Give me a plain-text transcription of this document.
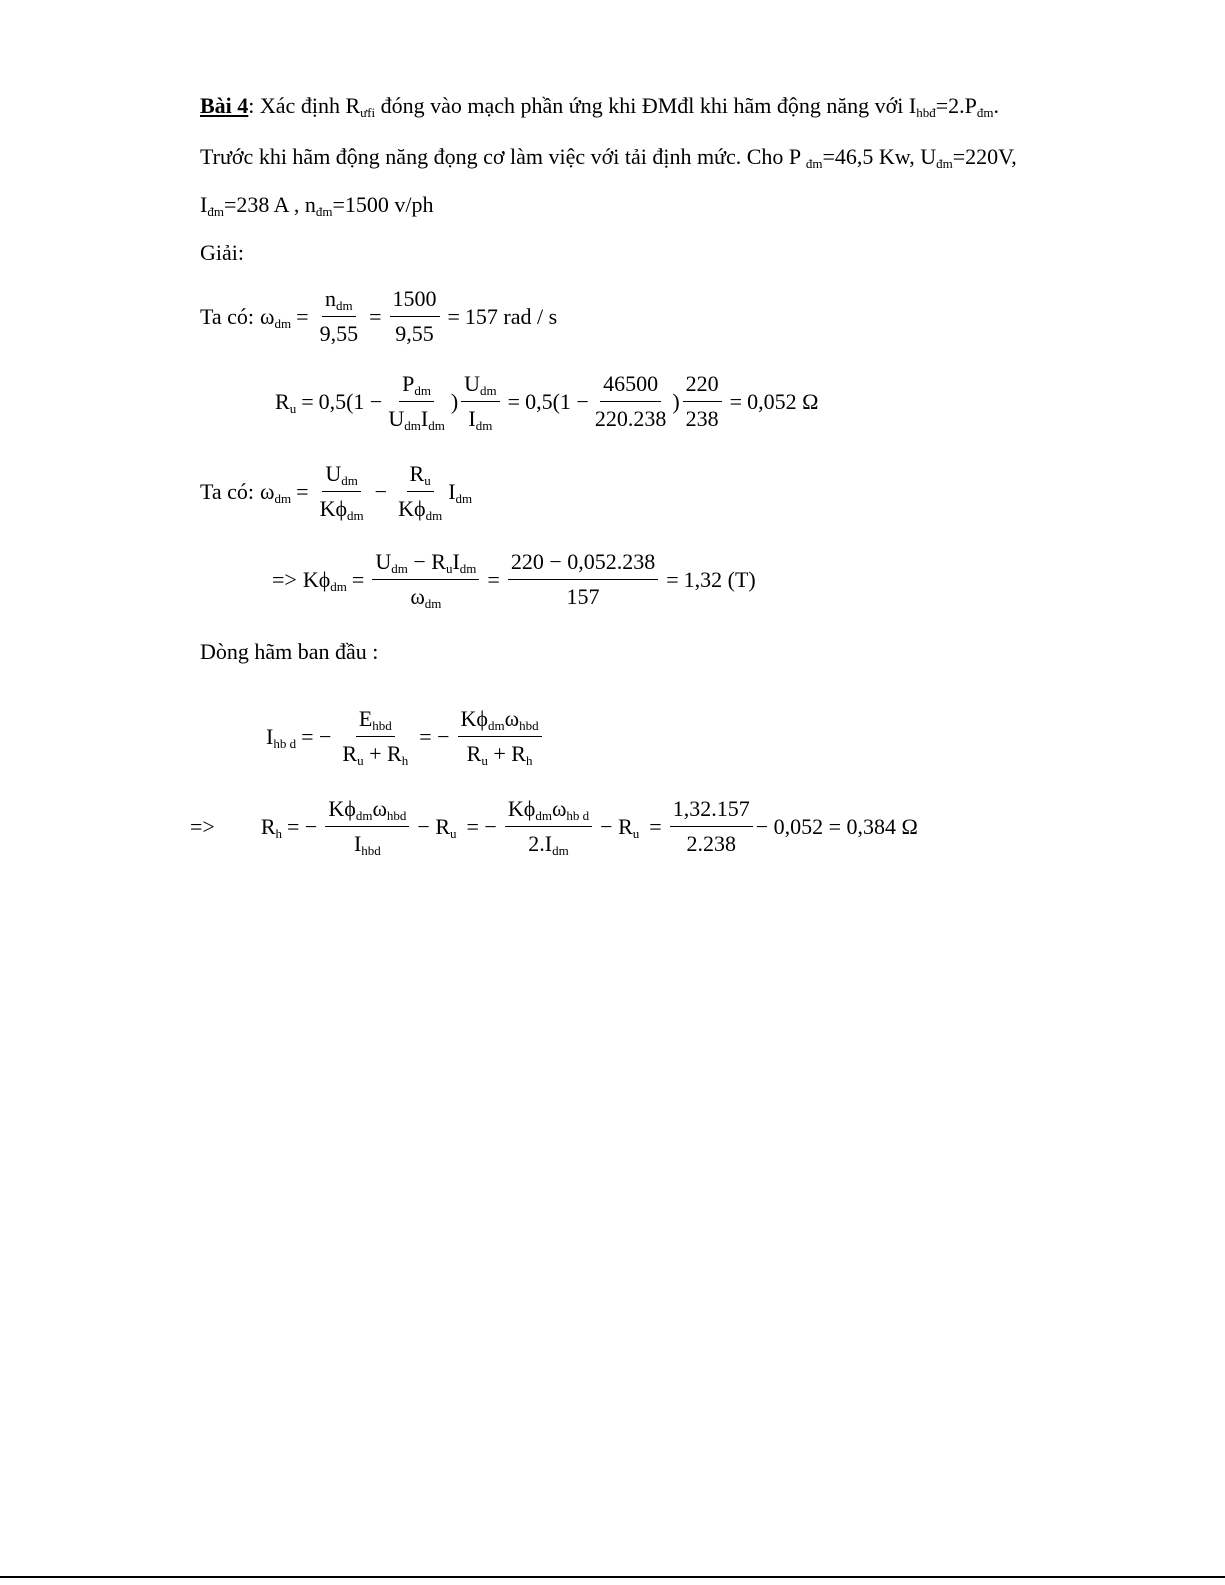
Bài 4: Xác định $R_{ưfi}$ đóng vào mạch phần ứng khi ĐMđl khi hãm động năng với $I_{hbđ}=2.P_{đm}$.
Trước khi hãm động năng đọng cơ làm việc với tải định mức. Cho P $_{đm}$=46,5 Kw, $U_{đm}=220V$,
$I_{đm}=238$ A , $n_{đm}=1500$ v/ph
Giải:
Ta có: $\omega_{dm} = \frac{n_{dm}}{9,55} = \frac{1500}{9,55} = 157$ rad / s
$R_u = 0,5(1 - \frac{P_{dm}}{U_{dm}I_{dm}}$ ) $\frac{U_{dm}}{I_{dm}} = 0,5(1 - \frac{46500}{220.238}$ ) $\frac{220}{238} = 0,052$ Ω
Ta có: $\omega_{dm} = \frac{U_{dm}}{K\phi_{dm}} - \frac{R_u}{K\phi_{dm}} I_{dm}$
=> $K\phi_{dm} = \frac{U_{dm} - R_uI_{dm}}{\omega_{dm}} = \frac{220 - 0,052.238}{157} = 1,32$ (T)
Dòng hãm ban đầu :
$I_{hb d}$ = − $\frac{E_{hbd}}{R_u + R_h}$ = − $\frac{K\phi_{dm}\omega_{hbd}}{R_u + R_h}$
=> $R_h$ = − $\frac{K\phi_{dm}\omega_{hbd}}{I_{hbd}} - R_u$ = − $\frac{K\phi_{dm}\omega_{hb d}}{2.I_{dm}} - R_u = \frac{1,32.157}{2.238} - 0,052 = 0,384$ Ω
